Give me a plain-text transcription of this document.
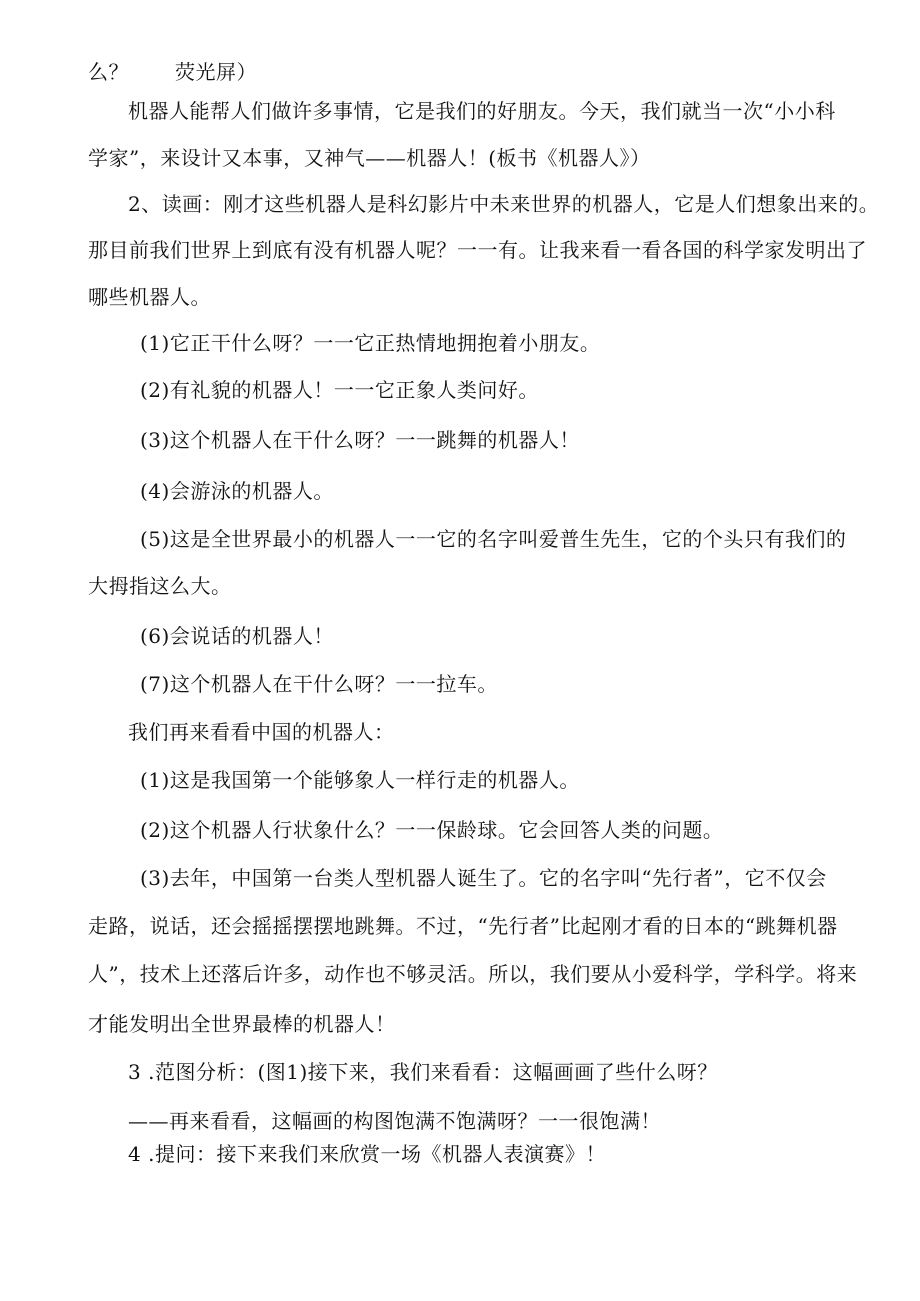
么？ 荧光屏）
机器人能帮人们做许多事情，它是我们的好朋友。今天，我们就当一次“小小科
学家”，来设计又本事，又神气——机器人！(板书《机器人》）
2、读画：刚才这些机器人是科幻影片中未来世界的机器人，它是人们想象出来的。
那目前我们世界上到底有没有机器人呢？一一有。让我来看一看各国的科学家发明出了
哪些机器人。
(1)它正干什么呀？一一它正热情地拥抱着小朋友。
(2)有礼貌的机器人！一一它正象人类问好。
(3)这个机器人在干什么呀？一一跳舞的机器人！
(4)会游泳的机器人。
(5)这是全世界最小的机器人一一它的名字叫爱普生先生，它的个头只有我们的
大拇指这么大。
(6)会说话的机器人！
(7)这个机器人在干什么呀？一一拉车。
我们再来看看中国的机器人：
(1)这是我国第一个能够象人一样行走的机器人。
(2)这个机器人行状象什么？一一保龄球。它会回答人类的问题。
(3)去年，中国第一台类人型机器人诞生了。它的名字叫“先行者”，它不仅会
走路，说话，还会摇摇摆摆地跳舞。不过，“先行者”比起刚才看的日本的“跳舞机器
人”，技术上还落后许多，动作也不够灵活。所以，我们要从小爱科学，学科学。将来
才能发明出全世界最棒的机器人！
3 .范图分析：(图1)接下来，我们来看看：这幅画画了些什么呀？
——再来看看，这幅画的构图饱满不饱满呀？一一很饱满！
4 .提问：接下来我们来欣赏一场《机器人表演赛》！
